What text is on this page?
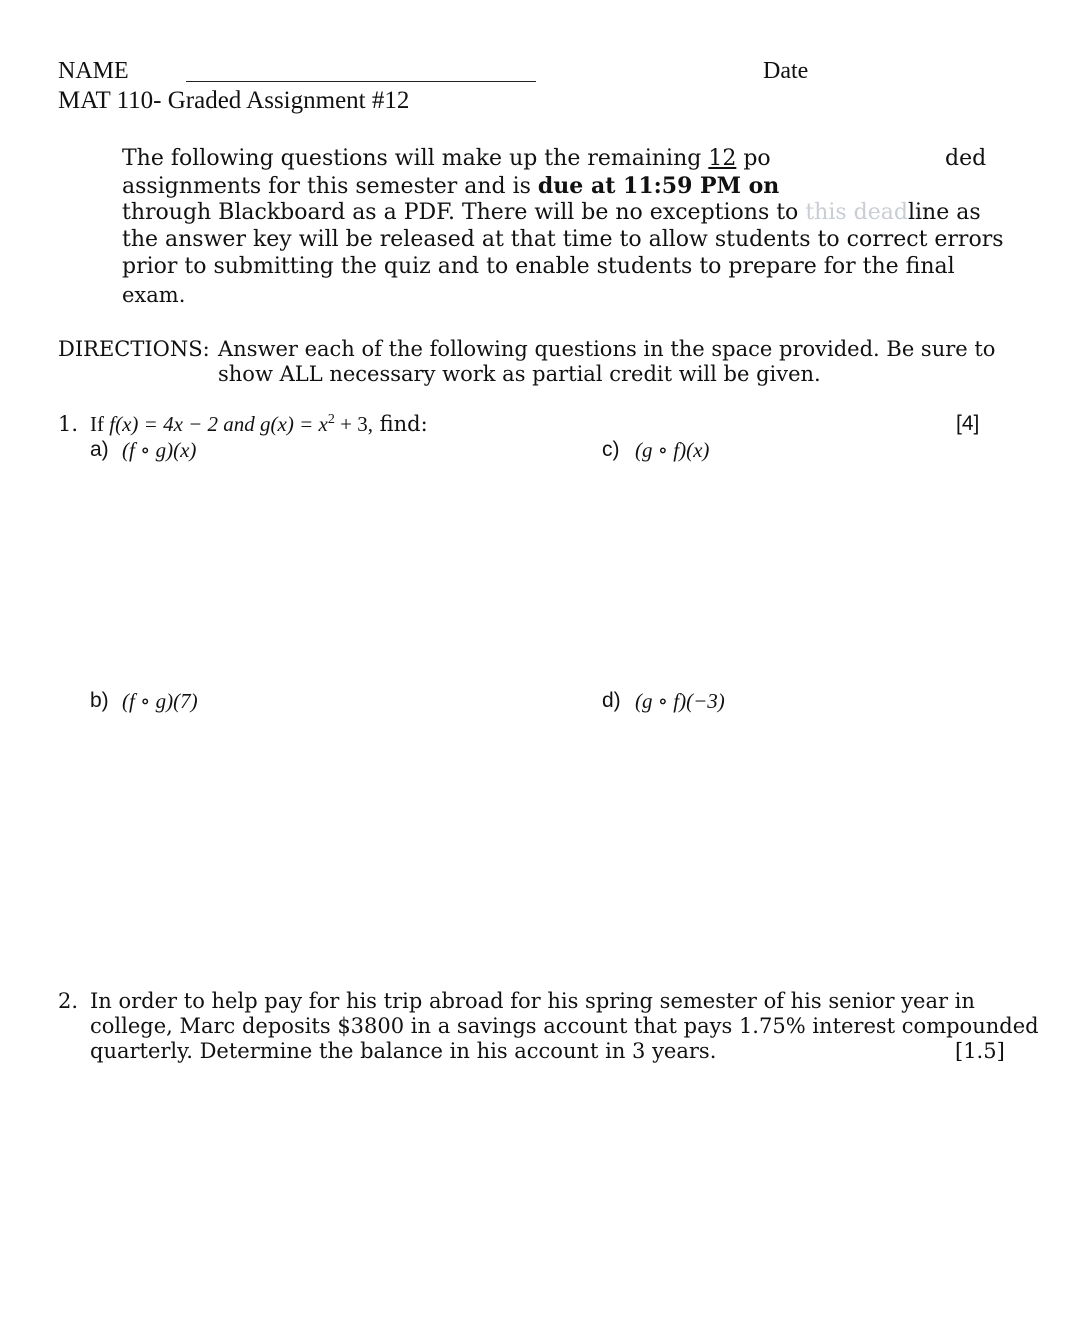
NAME	Date
MAT 110- Graded Assignment #12
The following questions will make up the remaining 12 po	ded
assignments for this semester and is due at 11:59 PM on
through Blackboard as a PDF. There will be no exceptions to this deadline as
the answer key will be released at that time to allow students to correct errors
prior to submitting the quiz and to enable students to prepare for the final
exam.
DIRECTIONS: Answer each of the following questions in the space provided. Be sure to
show ALL necessary work as partial credit will be given.
1. If f(x) = 4x − 2 and $g(x) = x^2 + 3$, find:	[4]
a) (f ∘ g)(x)
b) (f ∘ g)(7)
c) (g ∘ f)(x)
d) (g ∘ f)(−3)
2. In order to help pay for his trip abroad for his spring semester of his senior year in
college, Marc deposits $3800 in a savings account that pays 1.75% interest compounded
quarterly. Determine the balance in his account in 3 years.	[1.5]
